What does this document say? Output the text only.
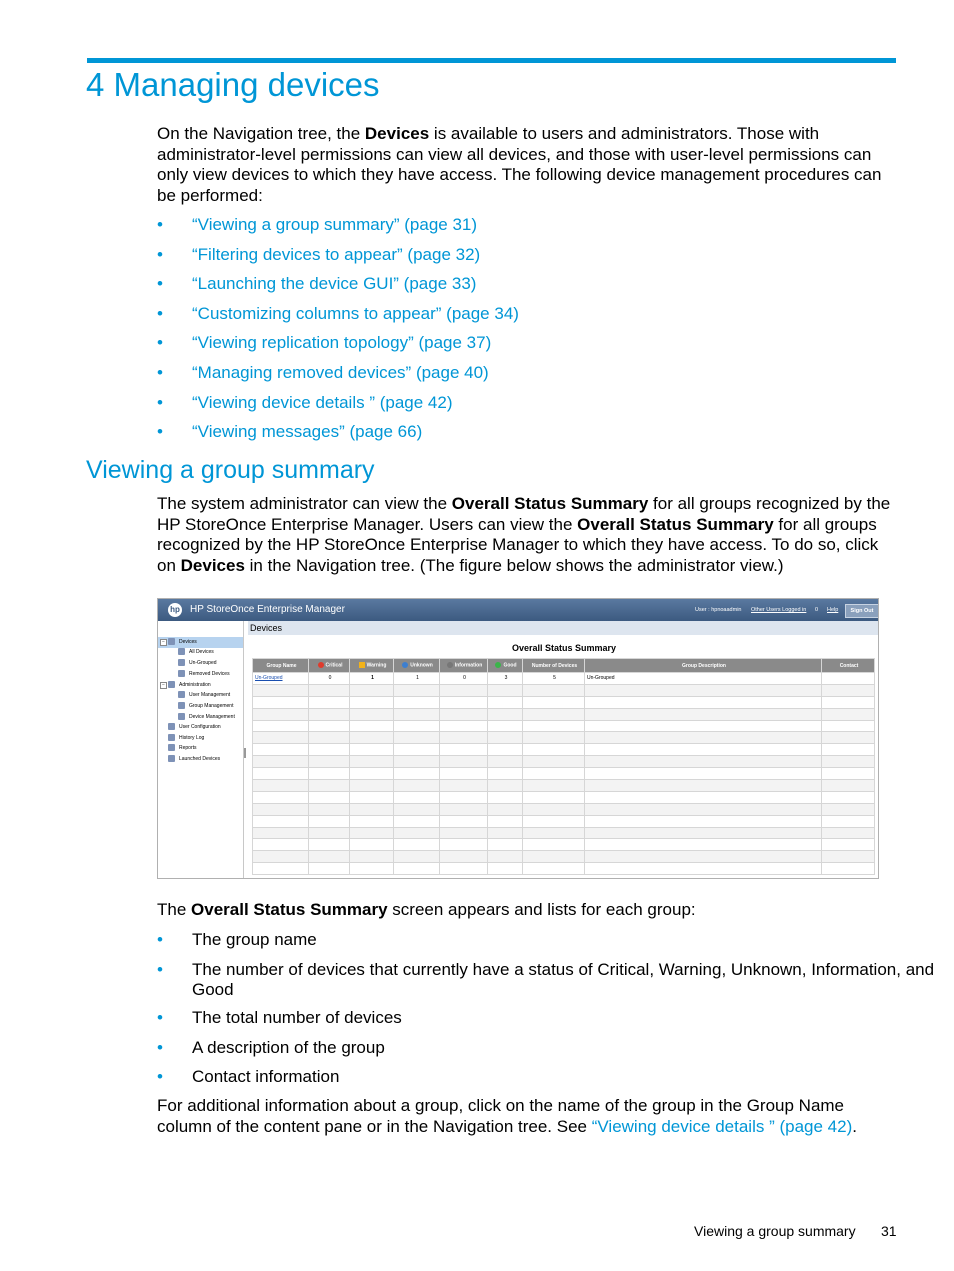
4 Managing devices

On the Navigation tree, the Devices is available to users and administrators. Those with administrator-level permissions can view all devices, and those with user-level permissions can only view devices to which they have access. The following device management procedures can be performed:

• “Viewing a group summary” (page 31)
• “Filtering devices to appear” (page 32)
• “Launching the device GUI” (page 33)
• “Customizing columns to appear” (page 34)
• “Viewing replication topology” (page 37)
• “Managing removed devices” (page 40)
• “Viewing device details ” (page 42)
• “Viewing messages” (page 66)
Viewing a group summary

The system administrator can view the Overall Status Summary for all groups recognized by the HP StoreOnce Enterprise Manager. Users can view the Overall Status Summary for all groups recognized by the HP StoreOnce Enterprise Manager to which they have access. To do so, click on Devices in the Navigation tree. (The figure below shows the administrator view.)

hp HP StoreOnce Enterprise Manager	User : hpnoaadmin Other Users Logged in 0 Help	Sign Out
−	Devices
All Devices
Un-Grouped
Removed Devices
−	Administration
User Management
Group Management
Device Management
User Configuration
History Log
Reports
Launched Devices
Devices
Overall Status Summary
Group Name	Critical	Warning	Unknown	Information	Good	Number of Devices	Group Description	Contact
Un-Grouped	0	1	1	0	3	5	Un-Grouped	

The Overall Status Summary screen appears and lists for each group:

• The group name
• The number of devices that currently have a status of Critical, Warning, Unknown, Information, and Good
• The total number of devices
• A description of the group
• Contact information

For additional information about a group, click on the name of the group in the Group Name column of the content pane or in the Navigation tree. See “Viewing device details ” (page 42).

Viewing a group summary 31
